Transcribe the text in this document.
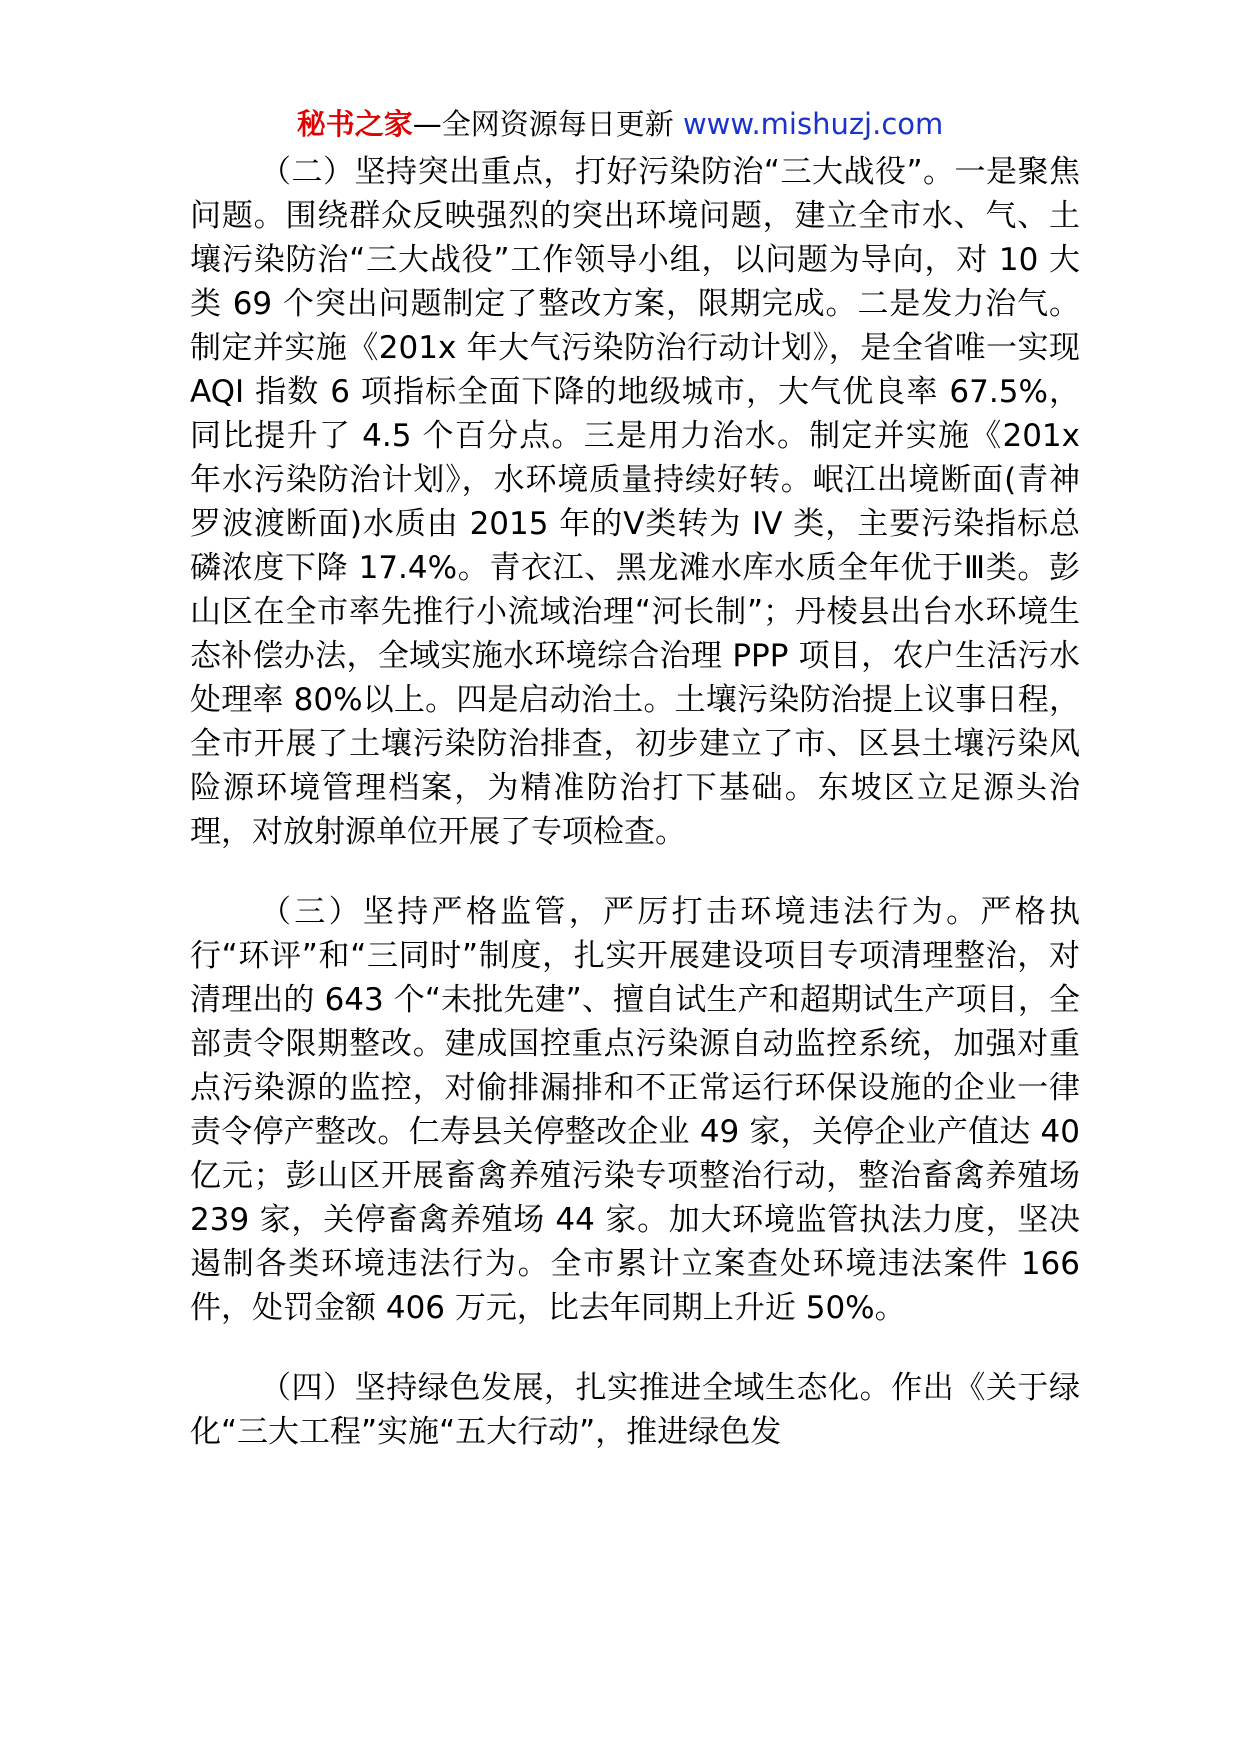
秘书之家—全网资源每日更新 www.mishuzj.com

（二）坚持突出重点，打好污染防治“三大战役”。一是聚焦问题。围绕群众反映强烈的突出环境问题，建立全市水、气、土壤污染防治“三大战役”工作领导小组，以问题为导向，对 10 大类 69 个突出问题制定了整改方案，限期完成。二是发力治气。制定并实施《201x 年大气污染防治行动计划》，是全省唯一实现 AQI 指数 6 项指标全面下降的地级城市，大气优良率 67.5%，同比提升了 4.5 个百分点。三是用力治水。制定并实施《201x 年水污染防治计划》，水环境质量持续好转。岷江出境断面(青神罗波渡断面)水质由 2015 年的Ⅴ类转为 IV 类，主要污染指标总磷浓度下降 17.4%。青衣江、黑龙滩水库水质全年优于Ⅲ类。彭山区在全市率先推行小流域治理“河长制”；丹棱县出台水环境生态补偿办法，全域实施水环境综合治理 PPP 项目，农户生活污水处理率 80%以上。四是启动治土。土壤污染防治提上议事日程，全市开展了土壤污染防治排查，初步建立了市、区县土壤污染风险源环境管理档案，为精准防治打下基础。东坡区立足源头治理，对放射源单位开展了专项检查。

（三）坚持严格监管，严厉打击环境违法行为。严格执行“环评”和“三同时”制度，扎实开展建设项目专项清理整治，对清理出的 643 个“未批先建”、擅自试生产和超期试生产项目，全部责令限期整改。建成国控重点污染源自动监控系统，加强对重点污染源的监控，对偷排漏排和不正常运行环保设施的企业一律责令停产整改。仁寿县关停整改企业 49 家，关停企业产值达 40 亿元；彭山区开展畜禽养殖污染专项整治行动，整治畜禽养殖场 239 家，关停畜禽养殖场 44 家。加大环境监管执法力度，坚决遏制各类环境违法行为。全市累计立案查处环境违法案件 166 件，处罚金额 406 万元，比去年同期上升近 50%。

（四）坚持绿色发展，扎实推进全域生态化。作出《关于绿化“三大工程”实施“五大行动”，推进绿色发
